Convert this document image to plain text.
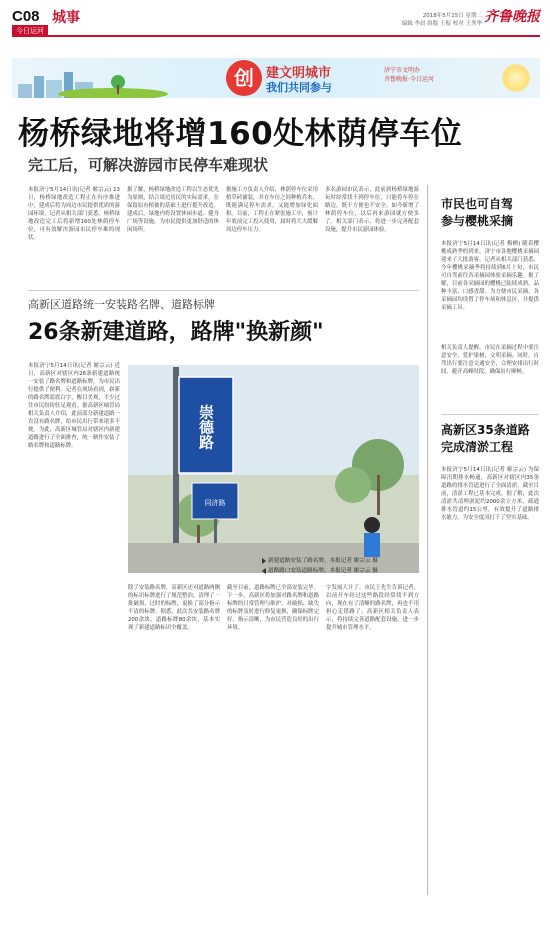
C08 城事
今日运河
2018年5月15日 星期二
编辑 李晨 组版 王振 校对 王秀华 齐鲁晚报
创 建文明城市
我们共同参与
济宁市文明办
齐鲁晚报·今日运河
杨桥绿地将增160处林荫停车位
完工后，可解决游园市民停车难现状

本报济宁5月14日讯(记者 姬宗云) 13日，杨桥绿地改造工程正在有序推进中，建成后将为周边市民提供优质的游园环境。记者从相关部门获悉，杨桥绿地改造完工后将新增160处林荫停车位，可有效解决游园市民停车难的现状。

据了解，杨桥绿地改造工程以生态优先为原则，结合周边居民的实际需求，在保留原有植被的基础上进行提升改造。建成后，绿地内将设置休闲步道、健身广场等设施，为市民提供更加舒适的休闲场所。

据施工方负责人介绍，林荫停车位采用植草砖铺装，并在车位之间种植乔木，既能满足停车需求，又能增加绿化面积。目前，工程正在紧张施工中，预计年底前完工投入使用，届时将大大缓解周边停车压力。

多名游园市民表示，此前到杨桥绿地游玩时经常找不到停车位，只能将车停在路边，既不方便也不安全。如今新增了林荫停车位，以后再来游园就方便多了。相关部门表示，将进一步完善配套设施，提升市民游园体验。

高新区道路统一安装路名牌、道路标牌
26条新建道路，路牌"换新颜"

本报济宁5月14日讯(记者 姬宗云) 近日，高新区对辖区内26条新建道路统一安装了路名牌和道路标牌，为市民出行提供了便利。记者在现场看到，崭新的路名牌蓝底白字，醒目美观，不少过往市民纷纷驻足观看。据高新区城管局相关负责人介绍，此前部分新建道路一直没有路名牌，给市民出行带来诸多不便。为此，高新区城管局对辖区内新建道路进行了全面排查，统一制作安装了路名牌和道路标牌。	崇德路
同济路
新建道路安装了路名牌。本报记者 姬宗云 摄
道路路口安装道路标牌。本报记者 姬宗云 摄

除了安装路名牌，高新区还对道路两侧的标识标牌进行了规范整治，清理了一批破损、过时的标牌，更换了部分指示不清的标牌。据悉，此次共安装路名牌200余块、道路标牌80余块，基本实现了新建道路标识全覆盖。

截至目前，道路标牌已全部安装完毕。下一步，高新区将加强对路名牌和道路标牌的日常管理与维护，对破损、缺失的标牌及时进行修复更换，确保标牌完好、指示清晰，为市民营造良好的出行环境。

字发展大计了。市民王先生告诉记者，以前开车经过这些路段经常找不到方向，现在有了清晰的路名牌，再也不用担心走错路了。高新区相关负责人表示，将持续完善道路配套设施，进一步提升城市管理水平。

市民也可自驾
参与樱桃采摘

本报济宁5月14日讯(记者 梅栖) 随着樱桃成熟季的到来，济宁市各地樱桃采摘园迎来了大批游客。记者从相关部门获悉，今年樱桃采摘季将持续到6月上旬，市民可自驾前往各采摘园体验采摘乐趣。据了解，目前各采摘园的樱桃已陆续成熟，品种丰富，口感香甜。为方便市民采摘，各采摘园均设置了停车场和休息区，并提供采摘工具。

相关负责人提醒，市民在采摘过程中要注意安全，爱护果树，文明采摘。同时，自驾出行要注意交通安全，合理安排出行时间，避开高峰时段，确保出行顺畅。

高新区35条道路
完成清淤工程

本报济宁5月14日讯(记者 姬宗云) 为保障汛期排水畅通，高新区对辖区内35条道路的排水管道进行了全面清淤。截至目前，清淤工程已基本完成。据了解，此次清淤共清理淤泥约2000余立方米，疏通排水管道约15公里，有效提升了道路排水能力，为安全度汛打下了坚实基础。
